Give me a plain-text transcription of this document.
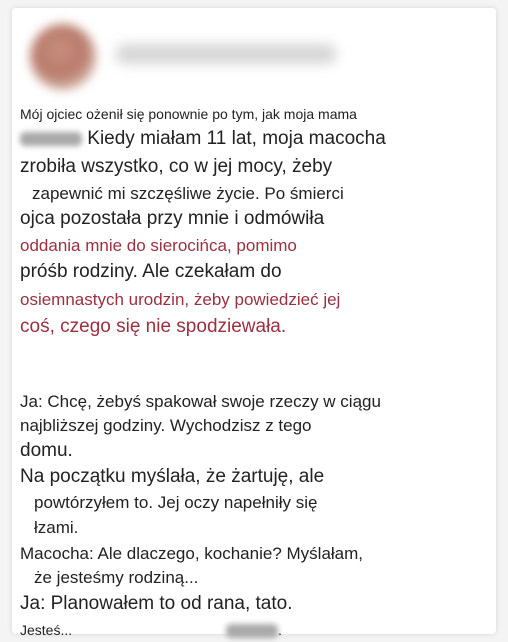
Mój ojciec ożenił się ponownie po tym, jak moja mama
Kiedy miałam 11 lat, moja macocha
zrobiła wszystko, co w jej mocy, żeby
zapewnić mi szczęśliwe życie. Po śmierci
ojca pozostała przy mnie i odmówiła
oddania mnie do sierocińca, pomimo
próśb rodziny. Ale czekałam do
osiemnastych urodzin, żeby powiedzieć jej
coś, czego się nie spodziewała.
Ja: Chcę, żebyś spakował swoje rzeczy w ciągu
najbliższej godziny. Wychodzisz z tego
domu.
Na początku myślała, że żartuję, ale
powtórzyłem to. Jej oczy napełniły się
łzami.
Macocha: Ale dlaczego, kochanie? Myślałam,
że jesteśmy rodziną...
Ja: Planowałem to od rana, tato.
Jesteś...	.
